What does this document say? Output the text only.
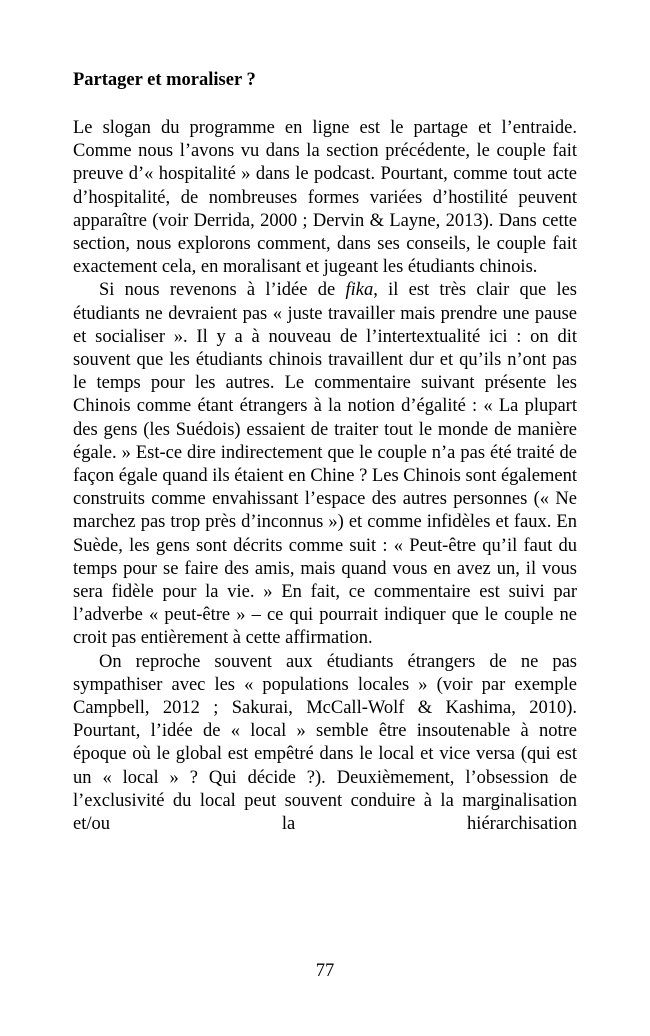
Partager et moraliser ?

Le slogan du programme en ligne est le partage et l’entraide. Comme nous l’avons vu dans la section précédente, le couple fait preuve d’« hospitalité » dans le podcast. Pourtant, comme tout acte d’hospitalité, de nombreuses formes variées d’hostilité peuvent apparaître (voir Derrida, 2000 ; Dervin & Layne, 2013). Dans cette section, nous explorons comment, dans ses conseils, le couple fait exactement cela, en moralisant et jugeant les étudiants chinois.

Si nous revenons à l’idée de fika, il est très clair que les étudiants ne devraient pas « juste travailler mais prendre une pause et socialiser ». Il y a à nouveau de l’intertextualité ici : on dit souvent que les étudiants chinois travaillent dur et qu’ils n’ont pas le temps pour les autres. Le commentaire suivant présente les Chinois comme étant étrangers à la notion d’égalité : « La plupart des gens (les Suédois) essaient de traiter tout le monde de manière égale. » Est-ce dire indirectement que le couple n’a pas été traité de façon égale quand ils étaient en Chine ? Les Chinois sont également construits comme envahissant l’espace des autres personnes (« Ne marchez pas trop près d’inconnus ») et comme infidèles et faux. En Suède, les gens sont décrits comme suit : « Peut-être qu’il faut du temps pour se faire des amis, mais quand vous en avez un, il vous sera fidèle pour la vie. » En fait, ce commentaire est suivi par l’adverbe « peut-être » – ce qui pourrait indiquer que le couple ne croit pas entièrement à cette affirmation.

On reproche souvent aux étudiants étrangers de ne pas sympathiser avec les « populations locales » (voir par exemple Campbell, 2012 ; Sakurai, McCall-Wolf & Kashima, 2010). Pourtant, l’idée de « local » semble être insoutenable à notre époque où le global est empêtré dans le local et vice versa (qui est un « local » ? Qui décide ?). Deuxièmement, l’obsession de l’exclusivité du local peut souvent conduire à la marginalisation et/ou la hiérarchisation

77
